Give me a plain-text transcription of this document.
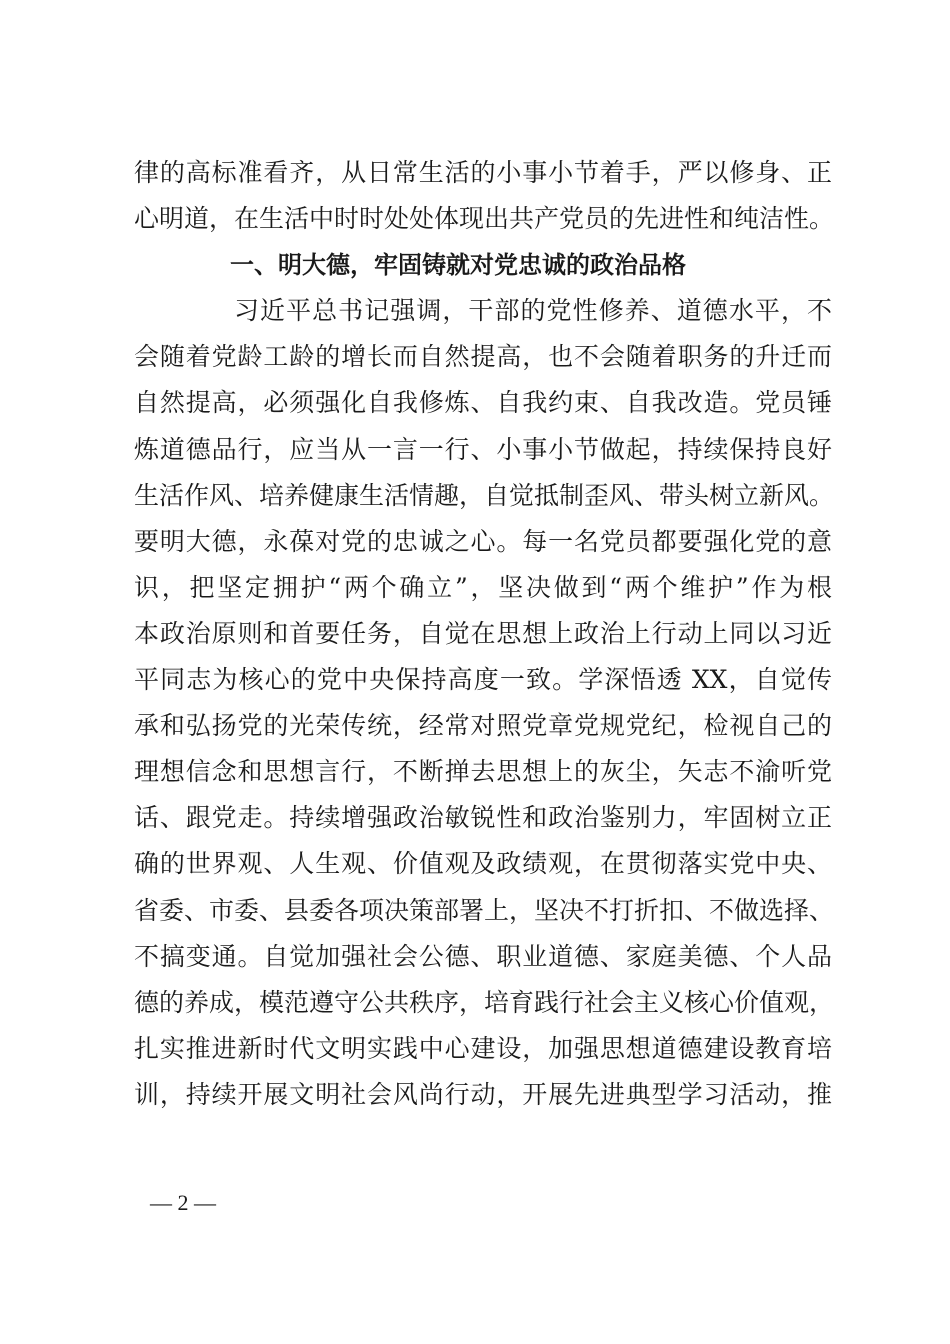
律的高标准看齐，从日常生活的小事小节着手，严以修身、正
心明道，在生活中时时处处体现出共产党员的先进性和纯洁性。
一、明大德，牢固铸就对党忠诚的政治品格
习近平总书记强调，干部的党性修养、道德水平，不
会随着党龄工龄的增长而自然提高，也不会随着职务的升迁而
自然提高，必须强化自我修炼、自我约束、自我改造。党员锤
炼道德品行，应当从一言一行、小事小节做起，持续保持良好
生活作风、培养健康生活情趣，自觉抵制歪风、带头树立新风。
要明大德，永葆对党的忠诚之心。每一名党员都要强化党的意
识，把坚定拥护“两个确立”，坚决做到“两个维护”作为根
本政治原则和首要任务，自觉在思想上政治上行动上同以习近
平同志为核心的党中央保持高度一致。学深悟透 XX，自觉传
承和弘扬党的光荣传统，经常对照党章党规党纪，检视自己的
理想信念和思想言行，不断掸去思想上的灰尘，矢志不渝听党
话、跟党走。持续增强政治敏锐性和政治鉴别力，牢固树立正
确的世界观、人生观、价值观及政绩观，在贯彻落实党中央、
省委、市委、县委各项决策部署上，坚决不打折扣、不做选择、
不搞变通。自觉加强社会公德、职业道德、家庭美德、个人品
德的养成，模范遵守公共秩序，培育践行社会主义核心价值观，
扎实推进新时代文明实践中心建设，加强思想道德建设教育培
训，持续开展文明社会风尚行动，开展先进典型学习活动，推
— 2 —
